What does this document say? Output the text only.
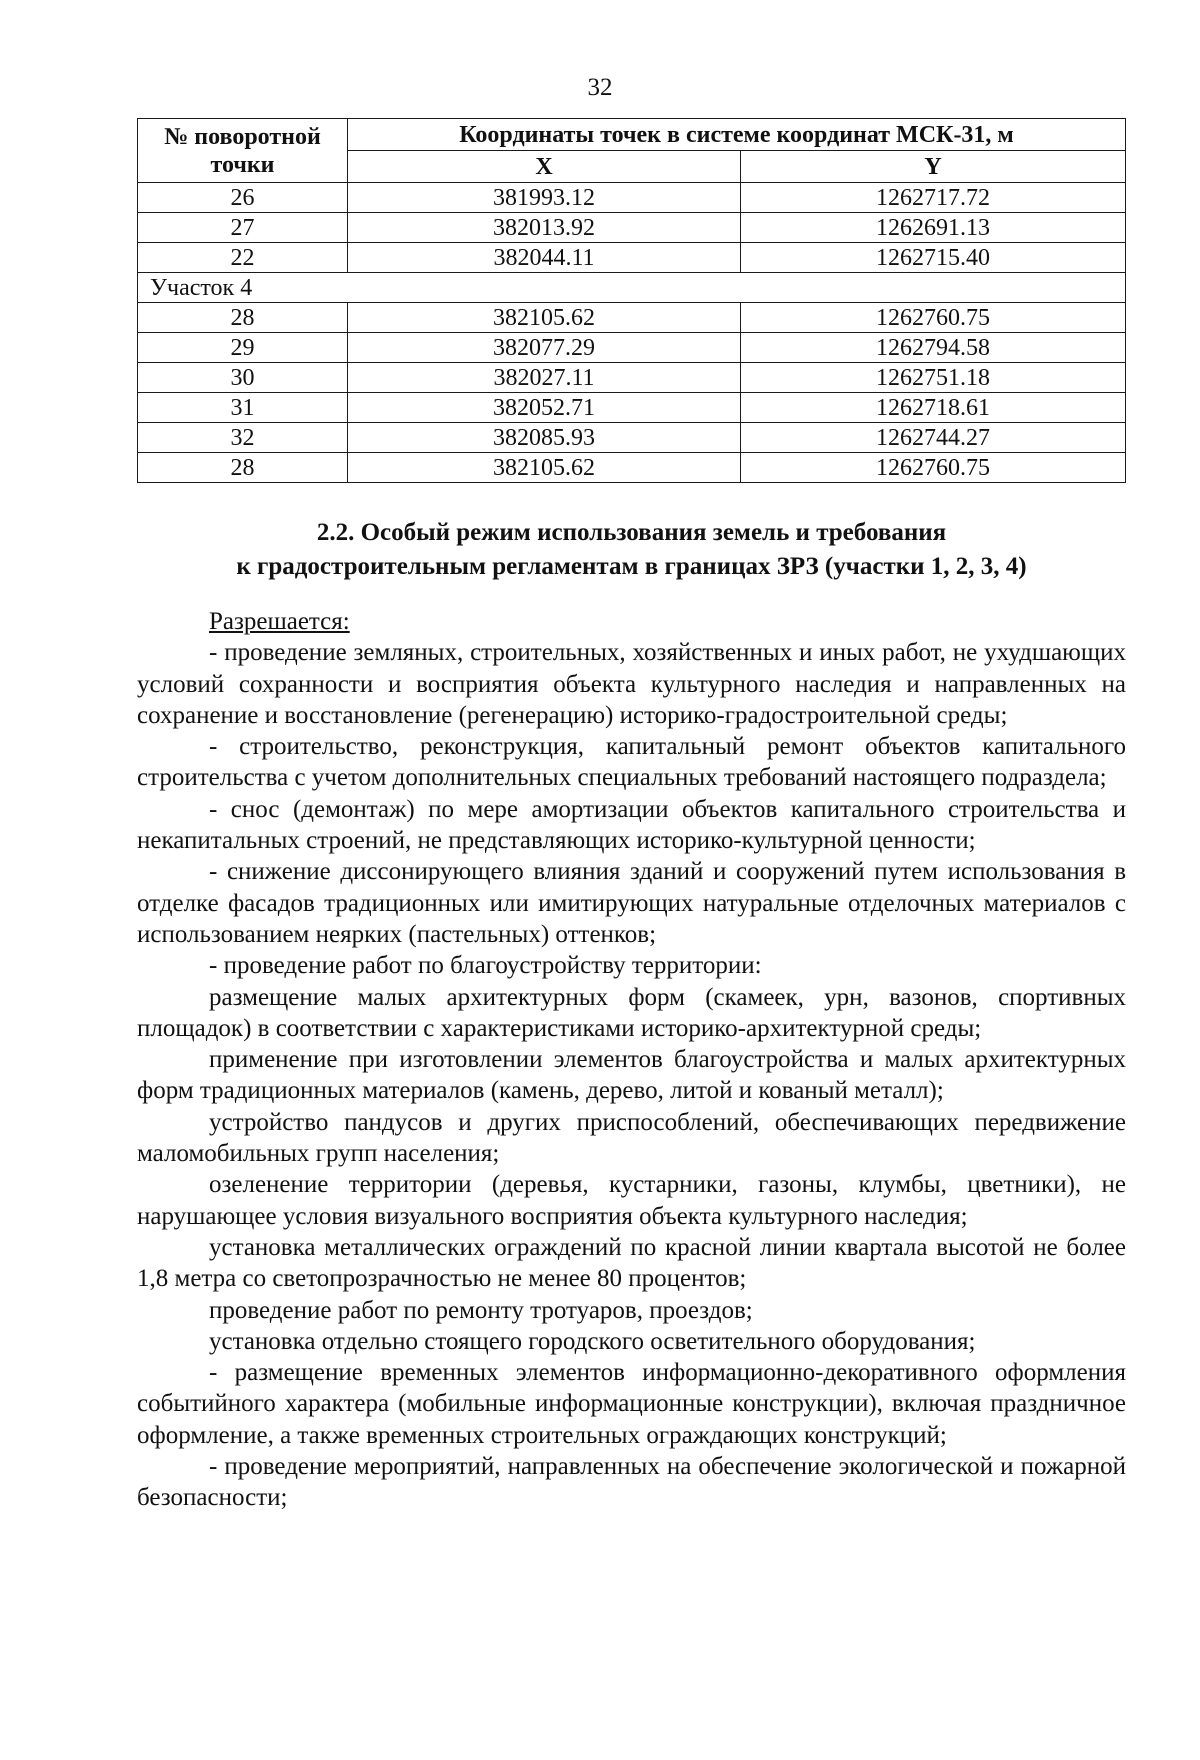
32
№ поворотной точки	Координаты точек в системе координат МСК-31, м	
	X	Y
26	381993.12	1262717.72
27	382013.92	1262691.13
22	382044.11	1262715.40
Участок 4		
28	382105.62	1262760.75
29	382077.29	1262794.58
30	382027.11	1262751.18
31	382052.71	1262718.61
32	382085.93	1262744.27
28	382105.62	1262760.75
2.2. Особый режим использования земель и требования
к градостроительным регламентам в границах ЗРЗ (участки 1, 2, 3, 4)

Разрешается:

- проведение земляных, строительных, хозяйственных и иных работ, не ухудшающих условий сохранности и восприятия объекта культурного наследия и направленных на сохранение и восстановление (регенерацию) историко-градостроительной среды;

- строительство, реконструкция, капитальный ремонт объектов капитального строительства с учетом дополнительных специальных требований настоящего подраздела;

- снос (демонтаж) по мере амортизации объектов капитального строительства и некапитальных строений, не представляющих историко-культурной ценности;

- снижение диссонирующего влияния зданий и сооружений путем использования в отделке фасадов традиционных или имитирующих натуральные отделочных материалов с использованием неярких (пастельных) оттенков;

- проведение работ по благоустройству территории:

размещение малых архитектурных форм (скамеек, урн, вазонов, спортивных площадок) в соответствии с характеристиками историко-архитектурной среды;

применение при изготовлении элементов благоустройства и малых архитектурных форм традиционных материалов (камень, дерево, литой и кованый металл);

устройство пандусов и других приспособлений, обеспечивающих передвижение маломобильных групп населения;

озеленение территории (деревья, кустарники, газоны, клумбы, цветники), не нарушающее условия визуального восприятия объекта культурного наследия;

установка металлических ограждений по красной линии квартала высотой не более 1,8 метра со светопрозрачностью не менее 80 процентов;

проведение работ по ремонту тротуаров, проездов;

установка отдельно стоящего городского осветительного оборудования;

- размещение временных элементов информационно-декоративного оформления событийного характера (мобильные информационные конструкции), включая праздничное оформление, а также временных строительных ограждающих конструкций;

- проведение мероприятий, направленных на обеспечение экологической и пожарной безопасности;
